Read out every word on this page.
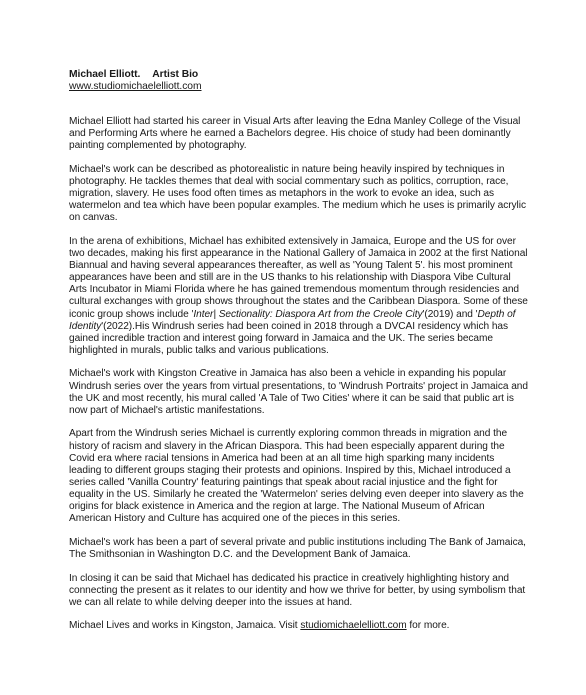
Michael Elliott. Artist Bio
www.studiomichaelelliott.com

Michael Elliott had started his career in Visual Arts after leaving the Edna Manley College of the Visual and Performing Arts where he earned a Bachelors degree. His choice of study had been dominantly painting complemented by photography.

Michael's work can be described as photorealistic in nature being heavily inspired by techniques in photography. He tackles themes that deal with social commentary such as politics, corruption, race, migration, slavery. He uses food often times as metaphors in the work to evoke an idea, such as watermelon and tea which have been popular examples. The medium which he uses is primarily acrylic on canvas.

In the arena of exhibitions, Michael has exhibited extensively in Jamaica, Europe and the US for over two decades, making his first appearance in the National Gallery of Jamaica in 2002 at the first National Biannual and having several appearances thereafter, as well as 'Young Talent 5'. his most prominent appearances have been and still are in the US thanks to his relationship with Diaspora Vibe Cultural Arts Incubator in Miami Florida where he has gained tremendous momentum through residencies and cultural exchanges with group shows throughout the states and the Caribbean Diaspora. Some of these iconic group shows include 'Inter| Sectionality: Diaspora Art from the Creole City'(2019) and 'Depth of Identity'(2022).His Windrush series had been coined in 2018 through a DVCAI residency which has gained incredible traction and interest going forward in Jamaica and the UK. The series became highlighted in murals, public talks and various publications.

Michael's work with Kingston Creative in Jamaica has also been a vehicle in expanding his popular Windrush series over the years from virtual presentations, to 'Windrush Portraits' project in Jamaica and the UK and most recently, his mural called 'A Tale of Two Cities' where it can be said that public art is now part of Michael's artistic manifestations.

Apart from the Windrush series Michael is currently exploring common threads in migration and the history of racism and slavery in the African Diaspora. This had been especially apparent during the Covid era where racial tensions in America had been at an all time high sparking many incidents leading to different groups staging their protests and opinions. Inspired by this, Michael introduced a series called 'Vanilla Country' featuring paintings that speak about racial injustice and the fight for equality in the US. Similarly he created the 'Watermelon' series delving even deeper into slavery as the origins for black existence in America and the region at large. The National Museum of African American History and Culture has acquired one of the pieces in this series.

Michael's work has been a part of several private and public institutions including The Bank of Jamaica, The Smithsonian in Washington D.C. and the Development Bank of Jamaica.

In closing it can be said that Michael has dedicated his practice in creatively highlighting history and connecting the present as it relates to our identity and how we thrive for better, by using symbolism that we can all relate to while delving deeper into the issues at hand.

Michael Lives and works in Kingston, Jamaica. Visit studiomichaelelliott.com for more.
